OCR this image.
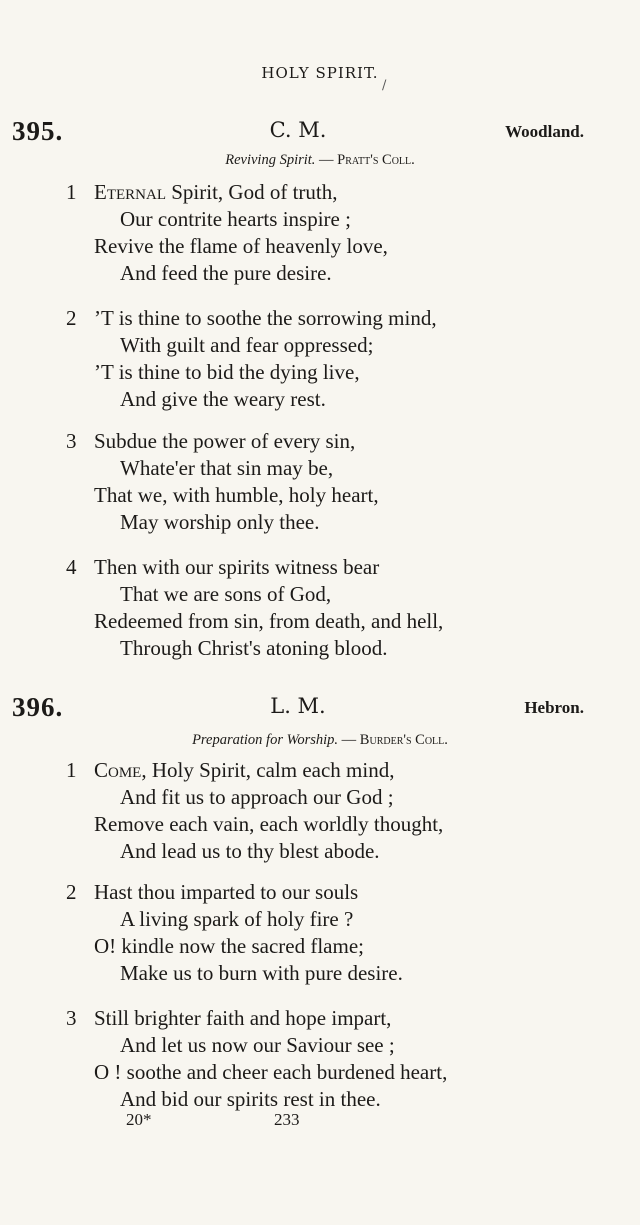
HOLY SPIRIT.
/
395.	C. M.	Woodland.
Reviving Spirit. — Pratt's Coll.
1 Eternal Spirit, God of truth,
Our contrite hearts inspire ;
Revive the flame of heavenly love,
And feed the pure desire.
2 ’T is thine to soothe the sorrowing mind,
With guilt and fear oppressed;
’T is thine to bid the dying live,
And give the weary rest.
3 Subdue the power of every sin,
Whate'er that sin may be,
That we, with humble, holy heart,
May worship only thee.
4 Then with our spirits witness bear
That we are sons of God,
Redeemed from sin, from death, and hell,
Through Christ's atoning blood.
396.	L. M.	Hebron.
Preparation for Worship. — Burder's Coll.
1 Come, Holy Spirit, calm each mind,
And fit us to approach our God ;
Remove each vain, each worldly thought,
And lead us to thy blest abode.
2 Hast thou imparted to our souls
A living spark of holy fire ?
O! kindle now the sacred flame;
Make us to burn with pure desire.
3 Still brighter faith and hope impart,
And let us now our Saviour see ;
O ! soothe and cheer each burdened heart,
And bid our spirits rest in thee.
20*	233
